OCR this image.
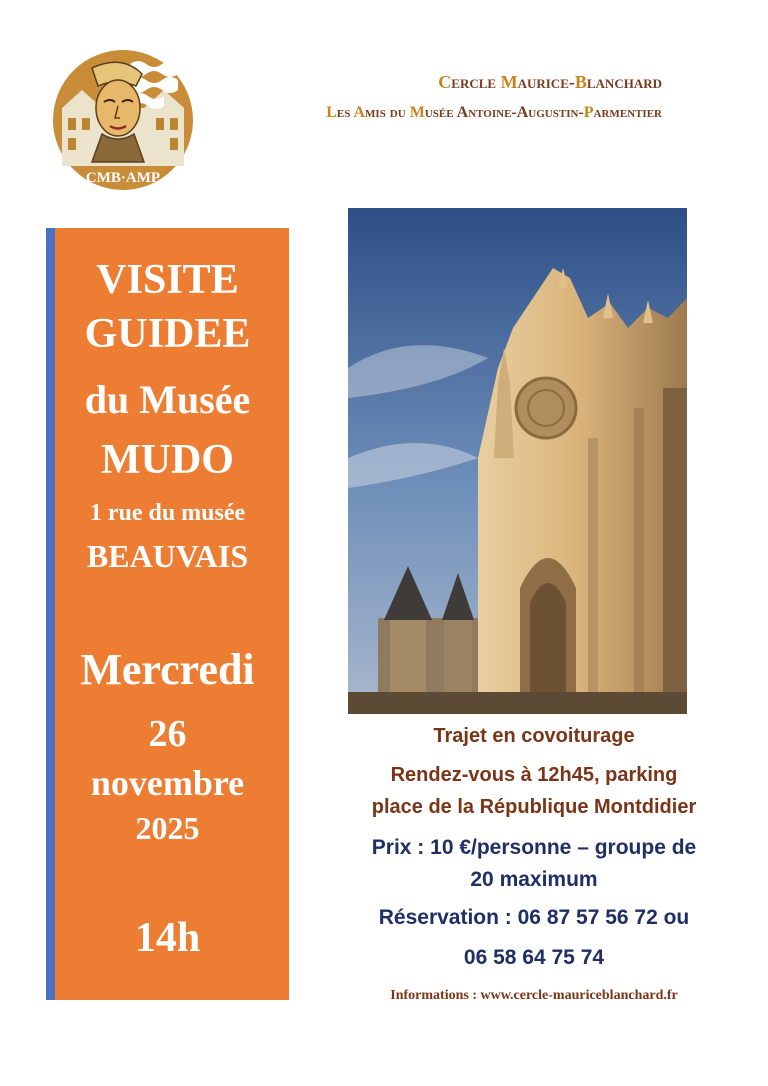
CMB·AMP
Cercle Maurice-Blanchard
Les Amis du Musée Antoine-Augustin-Parmentier
VISITE
GUIDEE
du Musée
MUDO
1 rue du musée
BEAUVAIS
Mercredi
26
novembre
2025
14h
Trajet en covoiturage
Rendez-vous à 12h45, parking
place de la République Montdidier
Prix : 10 €/personne – groupe de
20 maximum
Réservation : 06 87 57 56 72 ou
06 58 64 75 74
Informations : www.cercle-mauriceblanchard.fr
